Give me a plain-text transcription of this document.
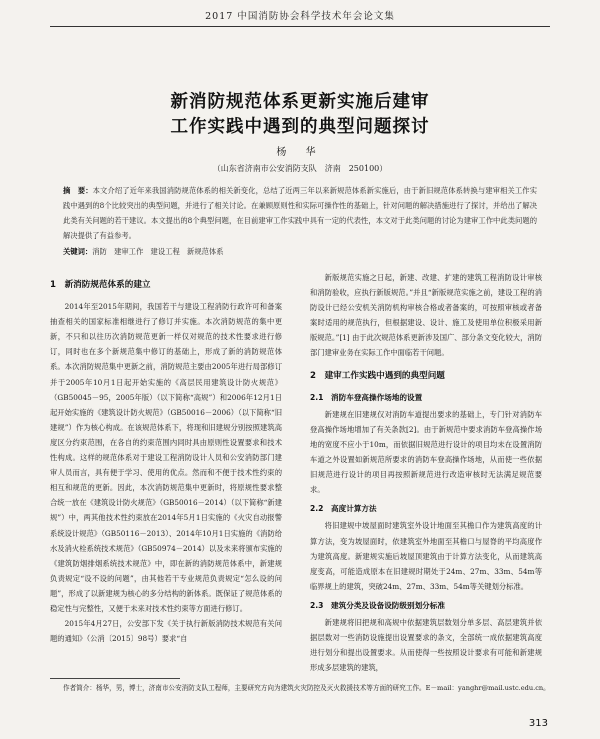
2017 中国消防协会科学技术年会论文集
新消防规范体系更新实施后建审
工作实践中遇到的典型问题探讨
杨 华
（山东省济南市公安消防支队　济南　250100）
摘　要：本文介绍了近年来我国消防规范体系的相关新变化，总结了近两三年以来新规范体系新实施后，由于新旧规范体系转换与建审相关工作实践中遇到的8个比较突出的典型问题，并进行了相关讨论。在兼顾原则性和实际可操作性的基础上，针对问题的解决措施进行了探讨，并给出了解决此类有关问题的若干建议。本文提出的8个典型问题，在目前建审工作实践中具有一定的代表性，本文对于此类问题的讨论为建审工作中此类问题的解决提供了有益参考。
关键词：消防　建审工作　建设工程　新规范体系
1　新消防规范体系的建立

2014年至2015年期间，我国若干与建设工程消防行政许可和备案抽查相关的国家标准相继进行了修订并实施。本次消防规范的集中更新，不只和以往历次消防规范更新一样仅对规范的技术性要求进行修订，同时也在多个新规范集中修订的基础上，形成了新的消防规范体系。本次消防规范集中更新之前，消防规范主要由2005年进行局部修订并于2005年10月1日起开始实施的《高层民用建筑设计防火规范》（GB50045－95，2005年版）（以下简称“高规”）和2006年12月1日起开始实施的《建筑设计防火规范》（GB50016－2006）（以下简称“旧建规”）作为核心构成。在该规范体系下，将现和旧建规分别按照建筑高度区分约束范围，在各自的约束范围内同时具由原则性设置要求和技术性构成。这样的规范体系对于建设工程消防设计人员和公安消防部门建审人员而言，具有便于学习、使用的优点。然而和不便于技术性约束的相互和规范的更新。因此，本次消防规范集中更新时，将原规性要求整合统一放在《建筑设计防火规范》（GB50016－2014）（以下简称“新建规”）中，两其他技术性约束放在2014年5月1日实施的《火灾自动报警系统设计规范》（GB50116－2013）、2014年10月1日实施的《消防给水及消火栓系统技术规范》（GB50974－2014）以及未来将颁布实施的《建筑防烟排烟系统技术规范》中，即在新的消防规范体系中，新建规负责规定“设不设的问题”，由其他若干专业规范负责规定“怎么设的问题”，形成了以新建规为核心的多分结构的新体系。既保证了规范体系的稳定性与完整性，又便于未来对技术性约束等方面进行修订。

2015年4月27日，公安部下发《关于执行新版消防技术规范有关问题的通知》（公消〔2015〕98号）要求“自

新版规范实施之日起，新建、改建、扩建的建筑工程消防设计审核和消防验收，应执行新版规范。”并且“新版规范实施之前，建设工程的消防设计已经公安机关消防机构审核合格或者备案的，可按照审核或者备案时适用的规范执行，但根据建设、设计、施工及使用单位积极采用新版规范。”[1] 由于此次规范体系更新涉及国广、部分条文变化较大，消防部门建审业务在实际工作中面临若干问题。

2　建审工作实践中遇到的典型问题
2.1　消防车登高操作场地的设置

新建规在旧建规仅对消防车道提出要求的基础上，专门针对消防车登高操作场地增加了有关条款[2]。由于新规范中要求消防车登高操作场地的宽度不应小于10m，而依据旧规范进行设计的项目均未在设置消防车道之外设置如新规范所要求的消防车登高操作场地，从而使一些依据旧规范进行设计的项目再按照新规范进行改造审核时无法满足规范要求。

2.2　高度计算方法

将旧建规中坡屋面时建筑室外设计地面至其檐口作为建筑高度的计算方法，变为坡屋面时，依建筑室外地面至其檐口与屋脊的平均高度作为建筑高度。新建规实施后坡屋顶建筑由于计算方法变化，从而建筑高度变高，可能造成原本在旧建规时期处于24m、27m、33m、54m等临界规上的建筑，突破24m、27m、33m、54m等关键划分标准。

2.3　建筑分类及设备设防级别划分标准

新建规将旧把规和高规中依据建筑层数划分单多层、高层建筑并依据层数对一些消防设施提出设置要求的条文，全部统一成依据建筑高度进行划分和提出设置要求。从而使得一些按照设计要求有可能和新建规形成多层建筑的建筑，

作者简介：杨华，男，博士，济南市公安消防支队工程师，主要研究方向为建筑火灾防控及灭火救援技术等方面的研究工作。E－mail：yanghr@mail.ustc.edu.cn。
313
